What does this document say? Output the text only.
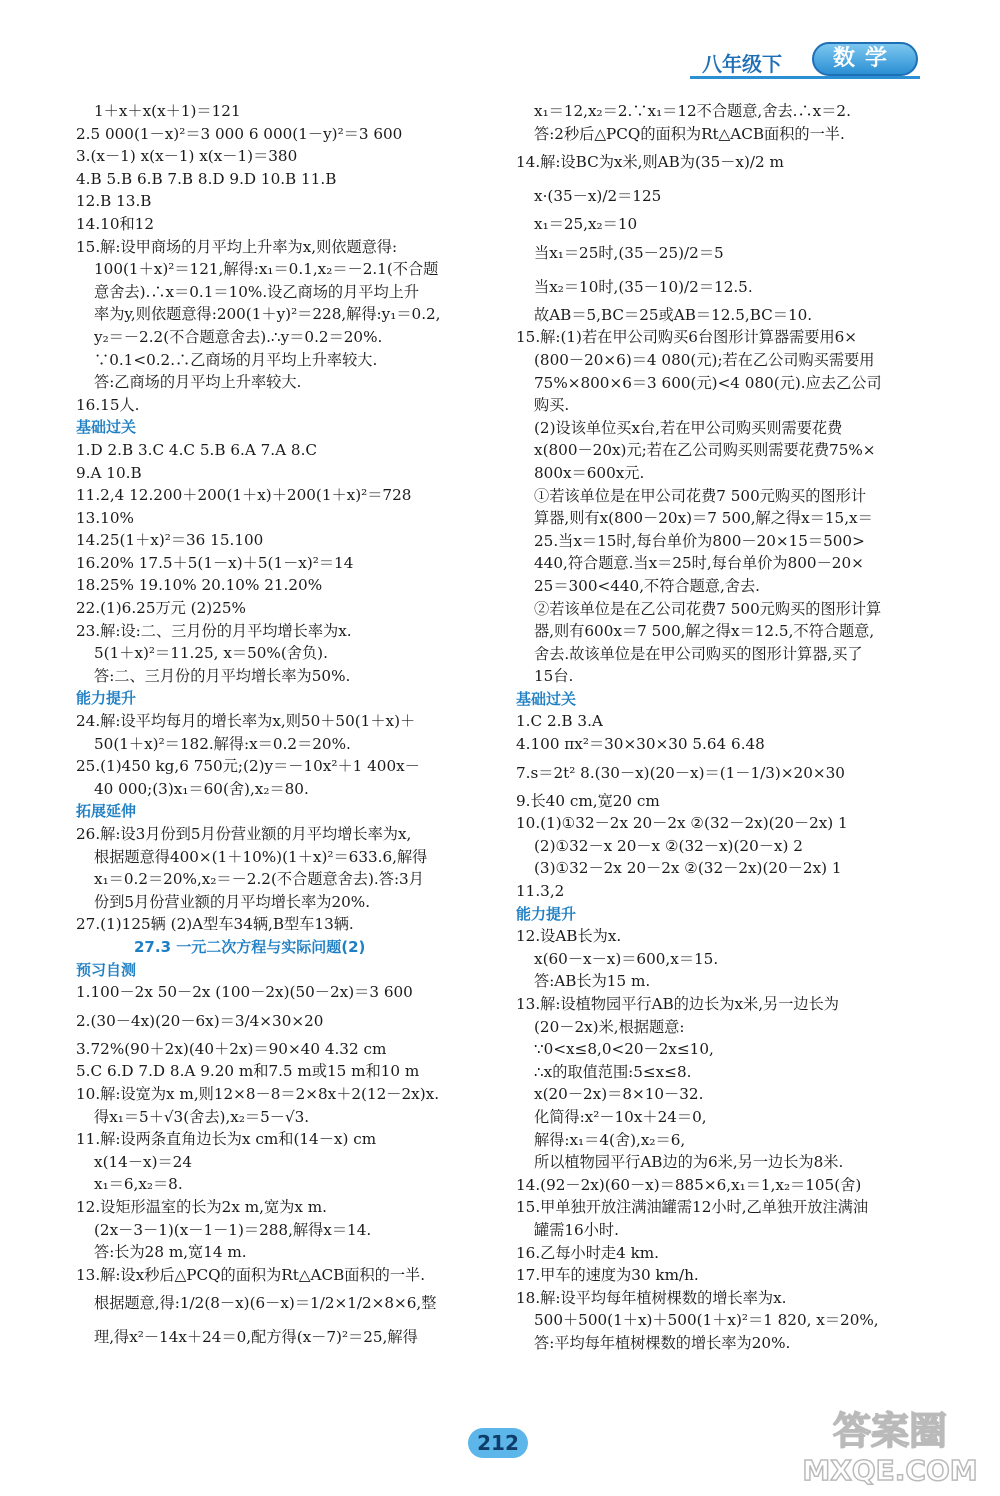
八年级下	数学
1＋x＋x(x＋1)＝121
2.5 000(1－x)²＝3 000 6 000(1－y)²＝3 600
3.(x－1) x(x－1) x(x－1)＝380
4.B 5.B 6.B 7.B 8.D 9.D 10.B 11.B
12.B 13.B
14.10和12
15.解:设甲商场的月平均上升率为x,则依题意得:
100(1＋x)²＝121,解得:x₁＝0.1,x₂＝－2.1(不合题
意舍去).∴x＝0.1＝10%.设乙商场的月平均上升
率为y,则依题意得:200(1＋y)²＝228,解得:y₁＝0.2,
y₂＝－2.2(不合题意舍去).∴y＝0.2＝20%.
∵0.1<0.2.∴乙商场的月平均上升率较大.
答:乙商场的月平均上升率较大.
16.15人.
基础过关
1.D 2.B 3.C 4.C 5.B 6.A 7.A 8.C
9.A 10.B
11.2,4 12.200＋200(1＋x)＋200(1＋x)²＝728
13.10%
14.25(1＋x)²＝36 15.100
16.20% 17.5＋5(1－x)＋5(1－x)²＝14
18.25% 19.10% 20.10% 21.20%
22.(1)6.25万元 (2)25%
23.解:设:二、三月份的月平均增长率为x.
5(1＋x)²＝11.25, x＝50%(舍负).
答:二、三月份的月平均增长率为50%.
能力提升
24.解:设平均每月的增长率为x,则50＋50(1＋x)＋
50(1＋x)²＝182.解得:x＝0.2＝20%.
25.(1)450 kg,6 750元;(2)y＝－10x²＋1 400x－
40 000;(3)x₁＝60(舍),x₂＝80.
拓展延伸
26.解:设3月份到5月份营业额的月平均增长率为x,
根据题意得400×(1＋10%)(1＋x)²＝633.6,解得
x₁＝0.2＝20%,x₂＝－2.2(不合题意舍去).答:3月
份到5月份营业额的月平均增长率为20%.
27.(1)125辆 (2)A型车34辆,B型车13辆.
27.3 一元二次方程与实际问题(2)
预习自测
1.100－2x 50－2x (100－2x)(50－2x)＝3 600
2.(30－4x)(20－6x)＝3/4×30×20
3.72%(90＋2x)(40＋2x)＝90×40 4.32 cm
5.C 6.D 7.D 8.A 9.20 m和7.5 m或15 m和10 m
10.解:设宽为x m,则12×8－8＝2×8x＋2(12－2x)x.
得x₁＝5＋√3(舍去),x₂＝5－√3.
11.解:设两条直角边长为x cm和(14－x) cm
x(14－x)＝24
x₁＝6,x₂＝8.
12.设矩形温室的长为2x m,宽为x m.
(2x－3－1)(x－1－1)＝288,解得x＝14.
答:长为28 m,宽14 m.
13.解:设x秒后△PCQ的面积为Rt△ACB面积的一半.
根据题意,得:1/2(8－x)(6－x)＝1/2×1/2×8×6,整
理,得x²－14x＋24＝0,配方得(x－7)²＝25,解得
x₁＝12,x₂＝2.∵x₁＝12不合题意,舍去.∴x＝2.
答:2秒后△PCQ的面积为Rt△ACB面积的一半.
14.解:设BC为x米,则AB为(35－x)/2 m
x·(35－x)/2＝125
x₁＝25,x₂＝10
当x₁＝25时,(35－25)/2＝5
当x₂＝10时,(35－10)/2＝12.5.
故AB＝5,BC＝25或AB＝12.5,BC＝10.
15.解:(1)若在甲公司购买6台图形计算器需要用6×
(800－20×6)＝4 080(元);若在乙公司购买需要用
75%×800×6＝3 600(元)<4 080(元).应去乙公司
购买.
(2)设该单位买x台,若在甲公司购买则需要花费
x(800－20x)元;若在乙公司购买则需要花费75%×
800x＝600x元.
①若该单位是在甲公司花费7 500元购买的图形计
算器,则有x(800－20x)＝7 500,解之得x＝15,x＝
25.当x＝15时,每台单价为800－20×15＝500>
440,符合题意.当x＝25时,每台单价为800－20×
25＝300<440,不符合题意,舍去.
②若该单位是在乙公司花费7 500元购买的图形计算
器,则有600x＝7 500,解之得x＝12.5,不符合题意,
舍去.故该单位是在甲公司购买的图形计算器,买了
15台.
基础过关
1.C 2.B 3.A
4.100 πx²＝30×30×30 5.64 6.48
7.s＝2t² 8.(30－x)(20－x)＝(1－1/3)×20×30
9.长40 cm,宽20 cm
10.(1)①32－2x 20－2x ②(32－2x)(20－2x) 1
(2)①32－x 20－x ②(32－x)(20－x) 2
(3)①32－2x 20－2x ②(32－2x)(20－2x) 1
11.3,2
能力提升
12.设AB长为x.
x(60－x－x)＝600,x＝15.
答:AB长为15 m.
13.解:设植物园平行AB的边长为x米,另一边长为
(20－2x)米,根据题意:
∵0<x≤8,0<20－2x≤10,
∴x的取值范围:5≤x≤8.
x(20－2x)＝8×10－32.
化简得:x²－10x＋24＝0,
解得:x₁＝4(舍),x₂＝6,
所以植物园平行AB边的为6米,另一边长为8米.
14.(92－2x)(60－x)＝885×6,x₁＝1,x₂＝105(舍)
15.甲单独开放注满油罐需12小时,乙单独开放注满油
罐需16小时.
16.乙每小时走4 km.
17.甲车的速度为30 km/h.
18.解:设平均每年植树棵数的增长率为x.
500＋500(1＋x)＋500(1＋x)²＝1 820, x＝20%,
答:平均每年植树棵数的增长率为20%.
212	答案圈
MXQE.COM
